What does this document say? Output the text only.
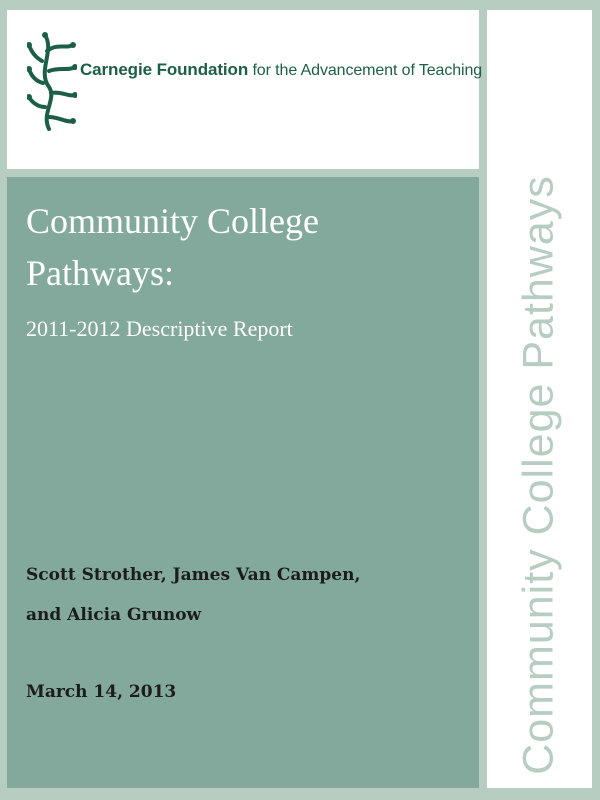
Carnegie Foundation for the Advancement of Teaching
Community College
Pathways:
2011-2012 Descriptive Report
Scott Strother, James Van Campen,
and Alicia Grunow
March 14, 2013	Community College Pathways
